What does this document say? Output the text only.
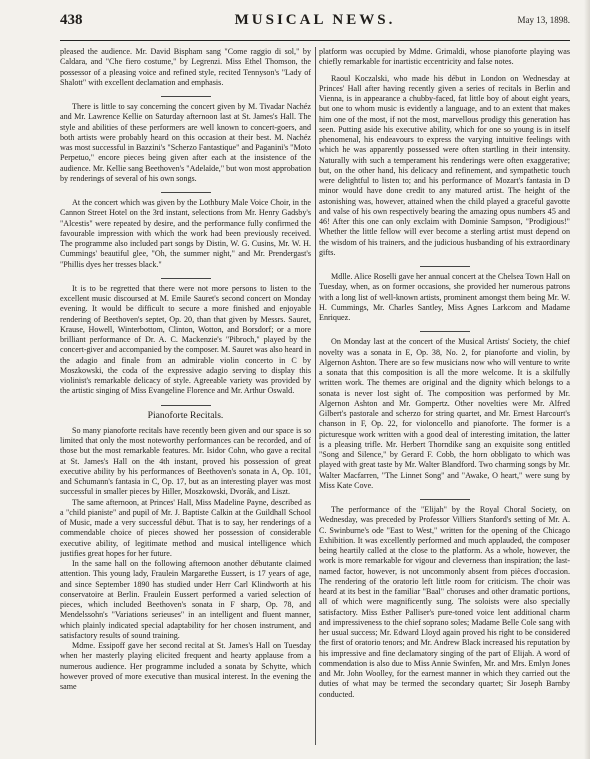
438	MUSICAL NEWS.	May 13, 1898.

pleased the audience. Mr. David Bispham sang "Come raggio di sol," by Caldara, and "Che fiero costume," by Legrenzi. Miss Ethel Thomson, the possessor of a pleasing voice and refined style, recited Tennyson's "Lady of Shalott" with excellent declamation and emphasis.

There is little to say concerning the concert given by M. Tivadar Nachéz and Mr. Lawrence Kellie on Saturday afternoon last at St. James's Hall. The style and abilities of these performers are well known to concert-goers, and both artists were probably heard on this occasion at their best. M. Nachéz was most successful in Bazzini's "Scherzo Fantastique" and Paganini's "Moto Perpetuo," encore pieces being given after each at the insistence of the audience. Mr. Kellie sang Beethoven's "Adelaïde," but won most approbation by renderings of several of his own songs.

At the concert which was given by the Lothbury Male Voice Choir, in the Cannon Street Hotel on the 3rd instant, selections from Mr. Henry Gadsby's "Alcestis" were repeated by desire, and the performance fully confirmed the favourable impression with which the work had been previously received. The programme also included part songs by Distin, W. G. Cusins, Mr. W. H. Cummings' beautiful glee, "Oh, the summer night," and Mr. Prendergast's "Phillis dyes her tresses black."

It is to be regretted that there were not more persons to listen to the excellent music discoursed at M. Emile Sauret's second concert on Monday evening. It would be difficult to secure a more finished and enjoyable rendering of Beethoven's septet, Op. 20, than that given by Messrs. Sauret, Krause, Howell, Winterbottom, Clinton, Wotton, and Borsdorf; or a more brilliant performance of Dr. A. C. Mackenzie's "Pibroch," played by the concert-giver and accompanied by the composer. M. Sauret was also heard in the adagio and finale from an admirable violin concerto in C by Moszkowski, the coda of the expressive adagio serving to display this violinist's remarkable delicacy of style. Agreeable variety was provided by the artistic singing of Miss Evangeline Florence and Mr. Arthur Oswald.

Pianoforte Recitals.

So many pianoforte recitals have recently been given and our space is so limited that only the most noteworthy performances can be recorded, and of those but the most remarkable features. Mr. Isidor Cohn, who gave a recital at St. James's Hall on the 4th instant, proved his possession of great executive ability by his performances of Beethoven's sonata in A, Op. 101, and Schumann's fantasia in C, Op. 17, but as an interesting player was most successful in smaller pieces by Hiller, Moszkowski, Dvorák, and Liszt.

The same afternoon, at Princes' Hall, Miss Madeline Payne, described as a "child pianiste" and pupil of Mr. J. Baptiste Calkin at the Guildhall School of Music, made a very successful début. That is to say, her renderings of a commendable choice of pieces showed her possession of considerable executive ability, of legitimate method and musical intelligence which justifies great hopes for her future.

In the same hall on the following afternoon another débutante claimed attention. This young lady, Fraulein Margarethe Eussert, is 17 years of age, and since September 1890 has studied under Herr Carl Klindworth at his conservatoire at Berlin. Fraulein Eussert performed a varied selection of pieces, which included Beethoven's sonata in F sharp, Op. 78, and Mendelssohn's "Variations serieuses" in an intelligent and fluent manner, which plainly indicated special adaptability for her chosen instrument, and satisfactory results of sound training.

Mdme. Essipoff gave her second recital at St. James's Hall on Tuesday when her masterly playing elicited frequent and hearty applause from a numerous audience. Her programme included a sonata by Schytte, which however proved of more executive than musical interest. In the evening the same

platform was occupied by Mdme. Grimaldi, whose pianoforte playing was chiefly remarkable for inartistic eccentricity and false notes.

Raoul Koczalski, who made his début in London on Wednesday at Princes' Hall after having recently given a series of recitals in Berlin and Vienna, is in appearance a chubby-faced, fat little boy of about eight years, but one to whom music is evidently a language, and to an extent that makes him one of the most, if not the most, marvellous prodigy this generation has seen. Putting aside his executive ability, which for one so young is in itself phenomenal, his endeavours to express the varying intuitive feelings with which he was apparently possessed were often startling in their intensity. Naturally with such a temperament his renderings were often exaggerative; but, on the other hand, his delicacy and refinement, and sympathetic touch were delightful to listen to; and his performance of Mozart's fantasia in D minor would have done credit to any matured artist. The height of the astonishing was, however, attained when the child played a graceful gavotte and valse of his own respectively bearing the amazing opus numbers 45 and 46! After this one can only exclaim with Dominie Sampson, "Prodigious!" Whether the little fellow will ever become a sterling artist must depend on the wisdom of his trainers, and the judicious husbanding of his extraordinary gifts.

Mdlle. Alice Roselli gave her annual concert at the Chelsea Town Hall on Tuesday, when, as on former occasions, she provided her numerous patrons with a long list of well-known artists, prominent amongst them being Mr. W. H. Cummings, Mr. Charles Santley, Miss Agnes Larkcom and Madame Enriquez.

On Monday last at the concert of the Musical Artists' Society, the chief novelty was a sonata in E, Op. 38, No. 2, for pianoforte and violin, by Algernon Ashton. There are so few musicians now who will venture to write a sonata that this composition is all the more welcome. It is a skilfully written work. The themes are original and the dignity which belongs to a sonata is never lost sight of. The composition was performed by Mr. Algernon Ashton and Mr. Gompertz. Other novelties were Mr. Alfred Gilbert's pastorale and scherzo for string quartet, and Mr. Ernest Harcourt's chanson in F, Op. 22, for violoncello and pianoforte. The former is a picturesque work written with a good deal of interesting imitation, the latter is a pleasing trifle. Mr. Herbert Thorndike sang an exquisite song entitled "Song and Silence," by Gerard F. Cobb, the horn obbligato to which was played with great taste by Mr. Walter Blandford. Two charming songs by Mr. Walter Macfarren, "The Linnet Song" and "Awake, O heart," were sung by Miss Kate Cove.

The performance of the "Elijah" by the Royal Choral Society, on Wednesday, was preceded by Professor Villiers Stanford's setting of Mr. A. C. Swinburne's ode "East to West," written for the opening of the Chicago Exhibition. It was excellently performed and much applauded, the composer being heartily called at the close to the platform. As a whole, however, the work is more remarkable for vigour and cleverness than inspiration; the last-named factor, however, is not uncommonly absent from pièces d'occasion. The rendering of the oratorio left little room for criticism. The choir was heard at its best in the familiar "Baal" choruses and other dramatic portions, all of which were magnificently sung. The soloists were also specially satisfactory. Miss Esther Palliser's pure-toned voice lent additional charm and impressiveness to the chief soprano soles; Madame Belle Cole sang with her usual success; Mr. Edward Lloyd again proved his right to be considered the first of oratorio tenors; and Mr. Andrew Black increased his reputation by his impressive and fine declamatory singing of the part of Elijah. A word of commendation is also due to Miss Annie Swinfen, Mr. and Mrs. Emlyn Jones and Mr. John Woolley, for the earnest manner in which they carried out the duties of what may be termed the secondary quartet; Sir Joseph Barnby conducted.
